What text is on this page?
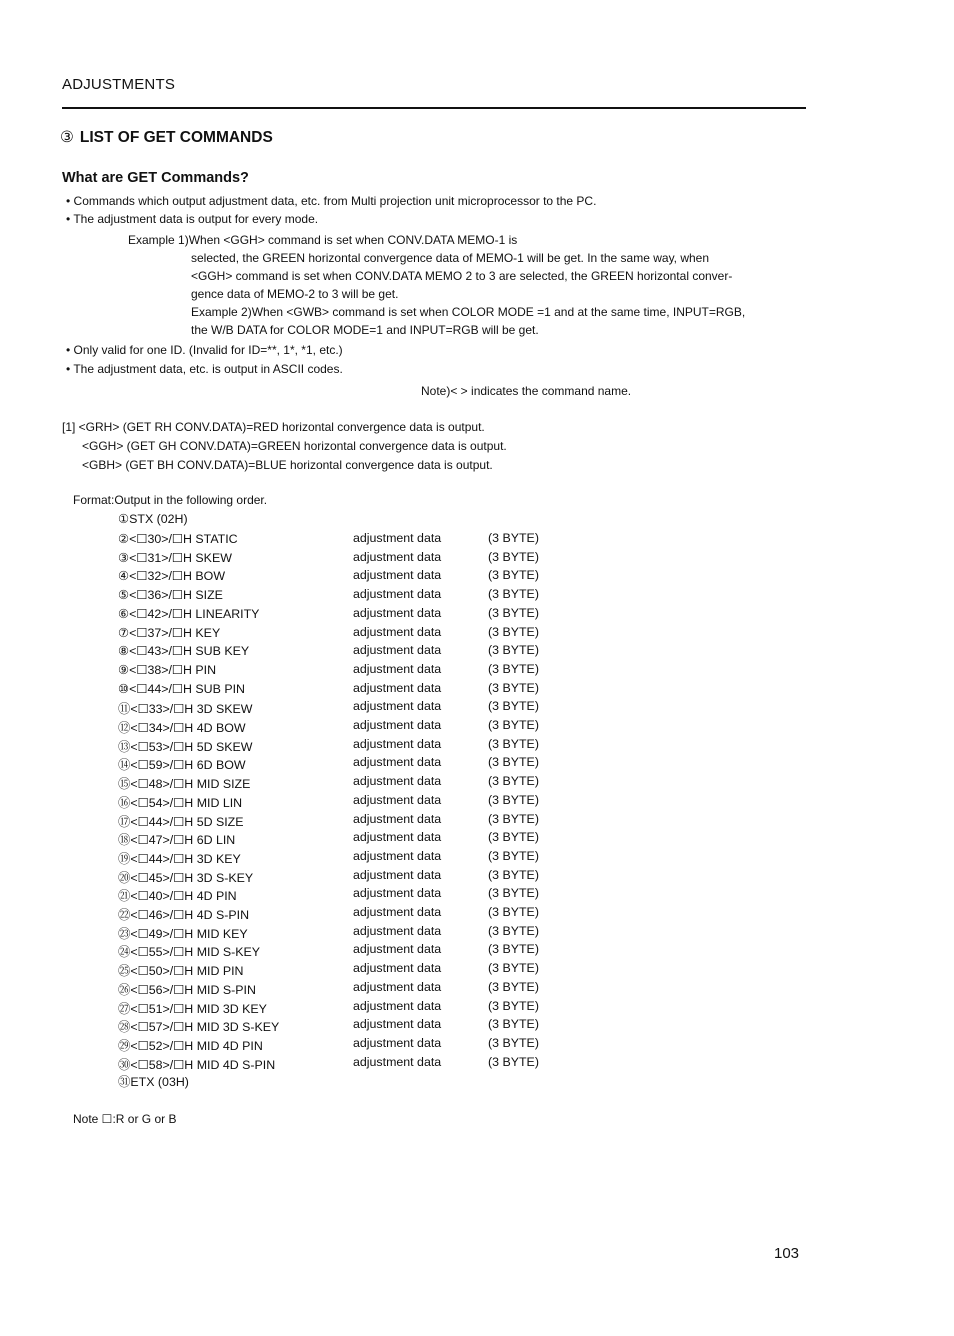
ADJUSTMENTS
③ LIST OF GET COMMANDS
What are GET Commands?
• Commands which output adjustment data, etc. from Multi projection unit microprocessor to the PC.
• The adjustment data is output for every mode.
Example 1)When <GGH> command is set when CONV.DATA MEMO-1 is
selected, the GREEN horizontal convergence data of MEMO-1 will be get. In the same way, when
<GGH> command is set when CONV.DATA MEMO 2 to 3 are selected, the GREEN horizontal conver-
gence data of MEMO-2 to 3 will be get.
Example 2)When <GWB> command is set when COLOR MODE =1 and at the same time, INPUT=RGB,
the W/B DATA for COLOR MODE=1 and INPUT=RGB will be get.
• Only valid for one ID. (Invalid for ID=**, 1*, *1, etc.)
• The adjustment data, etc. is output in ASCII codes.
Note)< > indicates the command name.
[1] <GRH> (GET RH CONV.DATA)=RED horizontal convergence data is output.
<GGH> (GET GH CONV.DATA)=GREEN horizontal convergence data is output.
<GBH> (GET BH CONV.DATA)=BLUE horizontal convergence data is output.
Format:Output in the following order.
①STX (02H)
②<☐30>/☐H STATIC	adjustment data	(3 BYTE)
③<☐31>/☐H SKEW	adjustment data	(3 BYTE)
④<☐32>/☐H BOW	adjustment data	(3 BYTE)
⑤<☐36>/☐H SIZE	adjustment data	(3 BYTE)
⑥<☐42>/☐H LINEARITY	adjustment data	(3 BYTE)
⑦<☐37>/☐H KEY	adjustment data	(3 BYTE)
⑧<☐43>/☐H SUB KEY	adjustment data	(3 BYTE)
⑨<☐38>/☐H PIN	adjustment data	(3 BYTE)
⑩<☐44>/☐H SUB PIN	adjustment data	(3 BYTE)
⑪<☐33>/☐H 3D SKEW	adjustment data	(3 BYTE)
⑫<☐34>/☐H 4D BOW	adjustment data	(3 BYTE)
⑬<☐53>/☐H 5D SKEW	adjustment data	(3 BYTE)
⑭<☐59>/☐H 6D BOW	adjustment data	(3 BYTE)
⑮<☐48>/☐H MID SIZE	adjustment data	(3 BYTE)
⑯<☐54>/☐H MID LIN	adjustment data	(3 BYTE)
⑰<☐44>/☐H 5D SIZE	adjustment data	(3 BYTE)
⑱<☐47>/☐H 6D LIN	adjustment data	(3 BYTE)
⑲<☐44>/☐H 3D KEY	adjustment data	(3 BYTE)
⑳<☐45>/☐H 3D S-KEY	adjustment data	(3 BYTE)
㉑<☐40>/☐H 4D PIN	adjustment data	(3 BYTE)
㉒<☐46>/☐H 4D S-PIN	adjustment data	(3 BYTE)
㉓<☐49>/☐H MID KEY	adjustment data	(3 BYTE)
㉔<☐55>/☐H MID S-KEY	adjustment data	(3 BYTE)
㉕<☐50>/☐H MID PIN	adjustment data	(3 BYTE)
㉖<☐56>/☐H MID S-PIN	adjustment data	(3 BYTE)
㉗<☐51>/☐H MID 3D KEY	adjustment data	(3 BYTE)
㉘<☐57>/☐H MID 3D S-KEY	adjustment data	(3 BYTE)
㉙<☐52>/☐H MID 4D PIN	adjustment data	(3 BYTE)
㉚<☐58>/☐H MID 4D S-PIN	adjustment data	(3 BYTE)
㉛ETX (03H)
Note ☐:R or G or B
103
